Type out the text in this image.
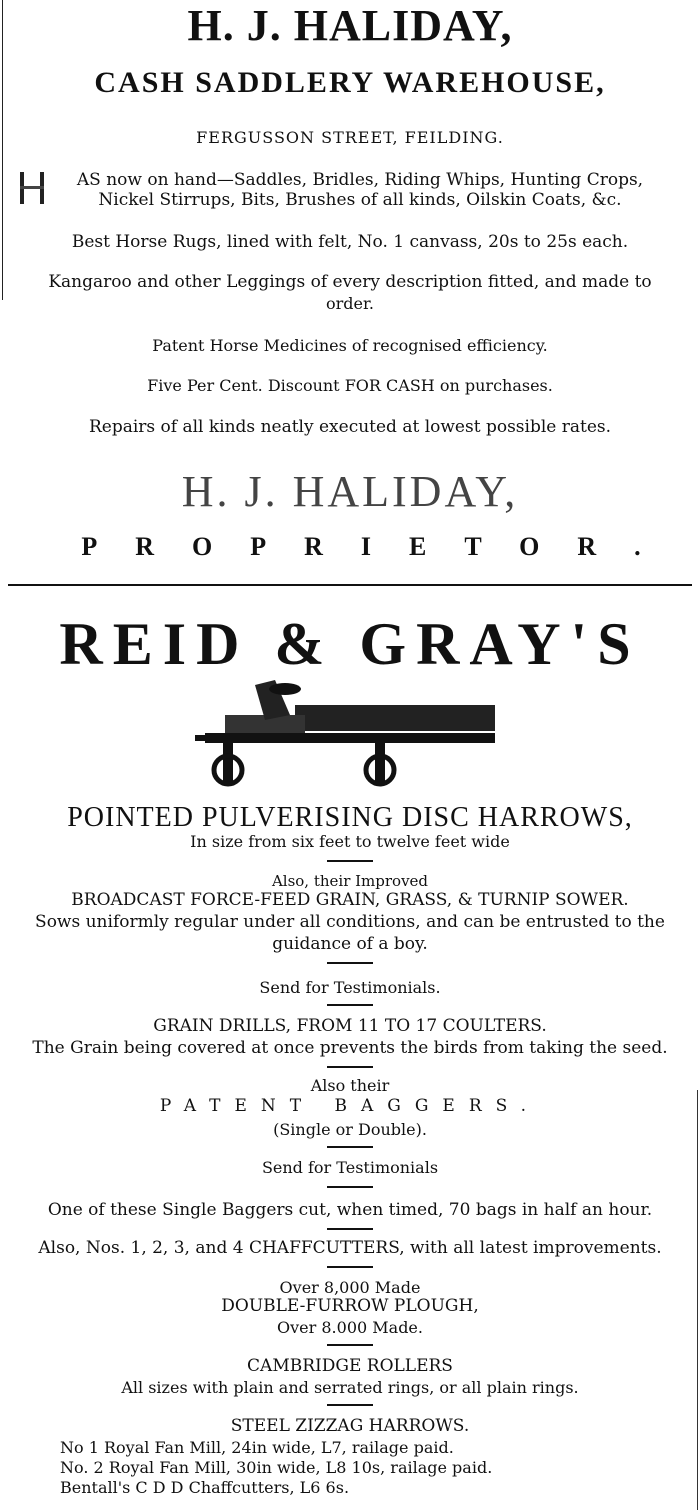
H. J. HALIDAY,
CASH SADDLERY WAREHOUSE,
FERGUSSON STREET, FEILDING.
AS now on hand—Saddles, Bridles, Riding Whips, Hunting Crops,
Nickel Stirrups, Bits, Brushes of all kinds, Oilskin Coats, &c.
Best Horse Rugs, lined with felt, No. 1 canvass, 20s to 25s each.
Kangaroo and other Leggings of every description fitted, and made to
order.
Patent Horse Medicines of recognised efficiency.
Five Per Cent. Discount FOR CASH on purchases.
Repairs of all kinds neatly executed at lowest possible rates.
H. J. HALIDAY,
PROPRIETOR.
REID & GRAY'S
POINTED PULVERISING DISC HARROWS,
In size from six feet to twelve feet wide
Also, their Improved
BROADCAST FORCE-FEED GRAIN, GRASS, & TURNIP SOWER.
Sows uniformly regular under all conditions, and can be entrusted to the
guidance of a boy.
Send for Testimonials.
GRAIN DRILLS, FROM 11 TO 17 COULTERS.
The Grain being covered at once prevents the birds from taking the seed.
Also their
PATENT BAGGERS.
(Single or Double).
Send for Testimonials
One of these Single Baggers cut, when timed, 70 bags in half an hour.
Also, Nos. 1, 2, 3, and 4 CHAFFCUTTERS, with all latest improvements.
Over 8,000 Made
DOUBLE-FURROW PLOUGH,
Over 8.000 Made.
CAMBRIDGE ROLLERS
All sizes with plain and serrated rings, or all plain rings.
STEEL ZIZZAG HARROWS.
No 1 Royal Fan Mill, 24in wide, L7, railage paid.
No. 2 Royal Fan Mill, 30in wide, L8 10s, railage paid.
Bentall's C D D Chaffcutters, L6 6s.
